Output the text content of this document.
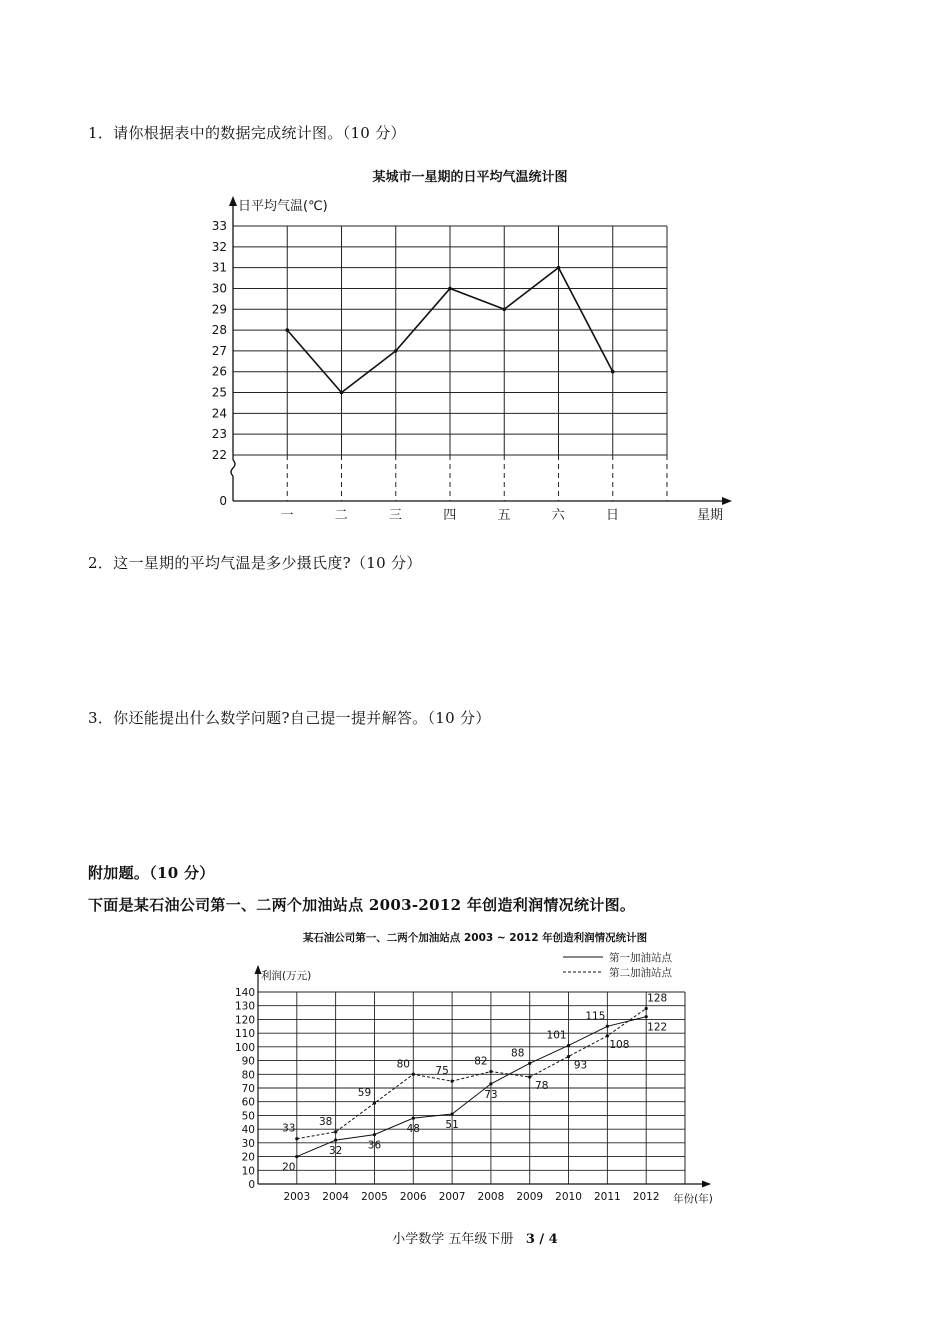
1．请你根据表中的数据完成统计图。（10 分）
某城市一星期的日平均气温统计图
日平均气温(℃)
星期
0
22
23
24
25
26
27
28
29
30
31
32
33
一	二	三	四	五	六	日
2．这一星期的平均气温是多少摄氏度?（10 分）
3．你还能提出什么数学问题?自己提一提并解答。（10 分）
附加题。（10 分）
下面是某石油公司第一、二两个加油站点 2003-2012 年创造利润情况统计图。
某石油公司第一、二两个加油站点 2003 ~ 2012 年创造利润情况统计图
第一加油站点
第二加油站点
利润(万元)
年份(年)
0
10
20
30
40
50
60
70
80
90
100
110
120
130
140
2003 2004 2005 2006 2007 2008 2009 2010 2011 2012
20
32 36
48 51
73
88
101
115
122
33
38
59
80
75
82
78
93
108
128
小学数学 五年级下册 3 / 4
